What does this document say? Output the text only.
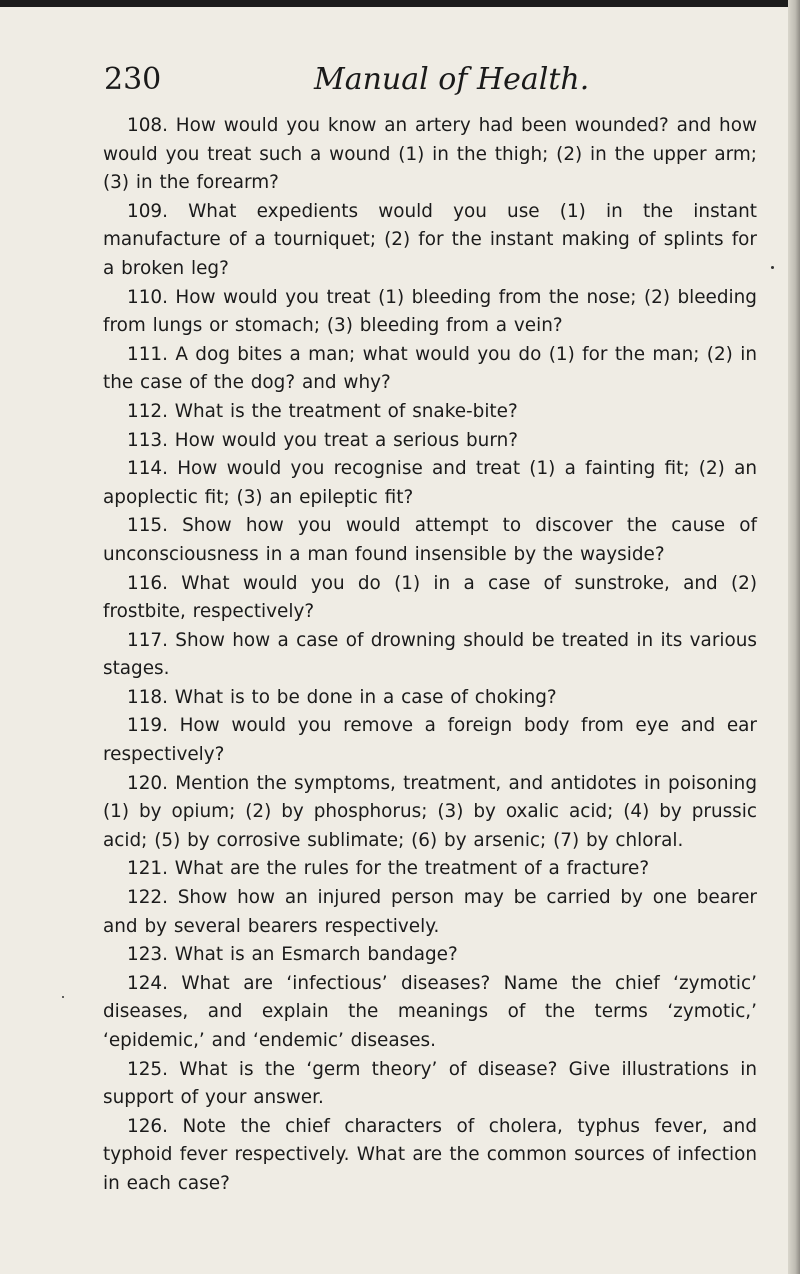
230	Manual of Health.

108. How would you know an artery had been wounded? and how would you treat such a wound (1) in the thigh; (2) in the upper arm; (3) in the forearm?

109. What expedients would you use (1) in the instant manufacture of a tourniquet; (2) for the instant making of splints for a broken leg?

110. How would you treat (1) bleeding from the nose; (2) bleeding from lungs or stomach; (3) bleeding from a vein?

111. A dog bites a man; what would you do (1) for the man; (2) in the case of the dog? and why?

112. What is the treatment of snake-bite?

113. How would you treat a serious burn?

114. How would you recognise and treat (1) a fainting fit; (2) an apoplectic fit; (3) an epileptic fit?

115. Show how you would attempt to discover the cause of unconsciousness in a man found insensible by the wayside?

116. What would you do (1) in a case of sunstroke, and (2) frostbite, respectively?

117. Show how a case of drowning should be treated in its various stages.

118. What is to be done in a case of choking?

119. How would you remove a foreign body from eye and ear respectively?

120. Mention the symptoms, treatment, and antidotes in poisoning (1) by opium; (2) by phosphorus; (3) by oxalic acid; (4) by prussic acid; (5) by corrosive sublimate; (6) by arsenic; (7) by chloral.

121. What are the rules for the treatment of a fracture?

122. Show how an injured person may be carried by one bearer and by several bearers respectively.

123. What is an Esmarch bandage?

124. What are ‘infectious’ diseases? Name the chief ‘zymotic’ diseases, and explain the meanings of the terms ‘zymotic,’ ‘epidemic,’ and ‘endemic’ diseases.

125. What is the ‘germ theory’ of disease? Give illustrations in support of your answer.

126. Note the chief characters of cholera, typhus fever, and typhoid fever respectively. What are the common sources of infection in each case?
